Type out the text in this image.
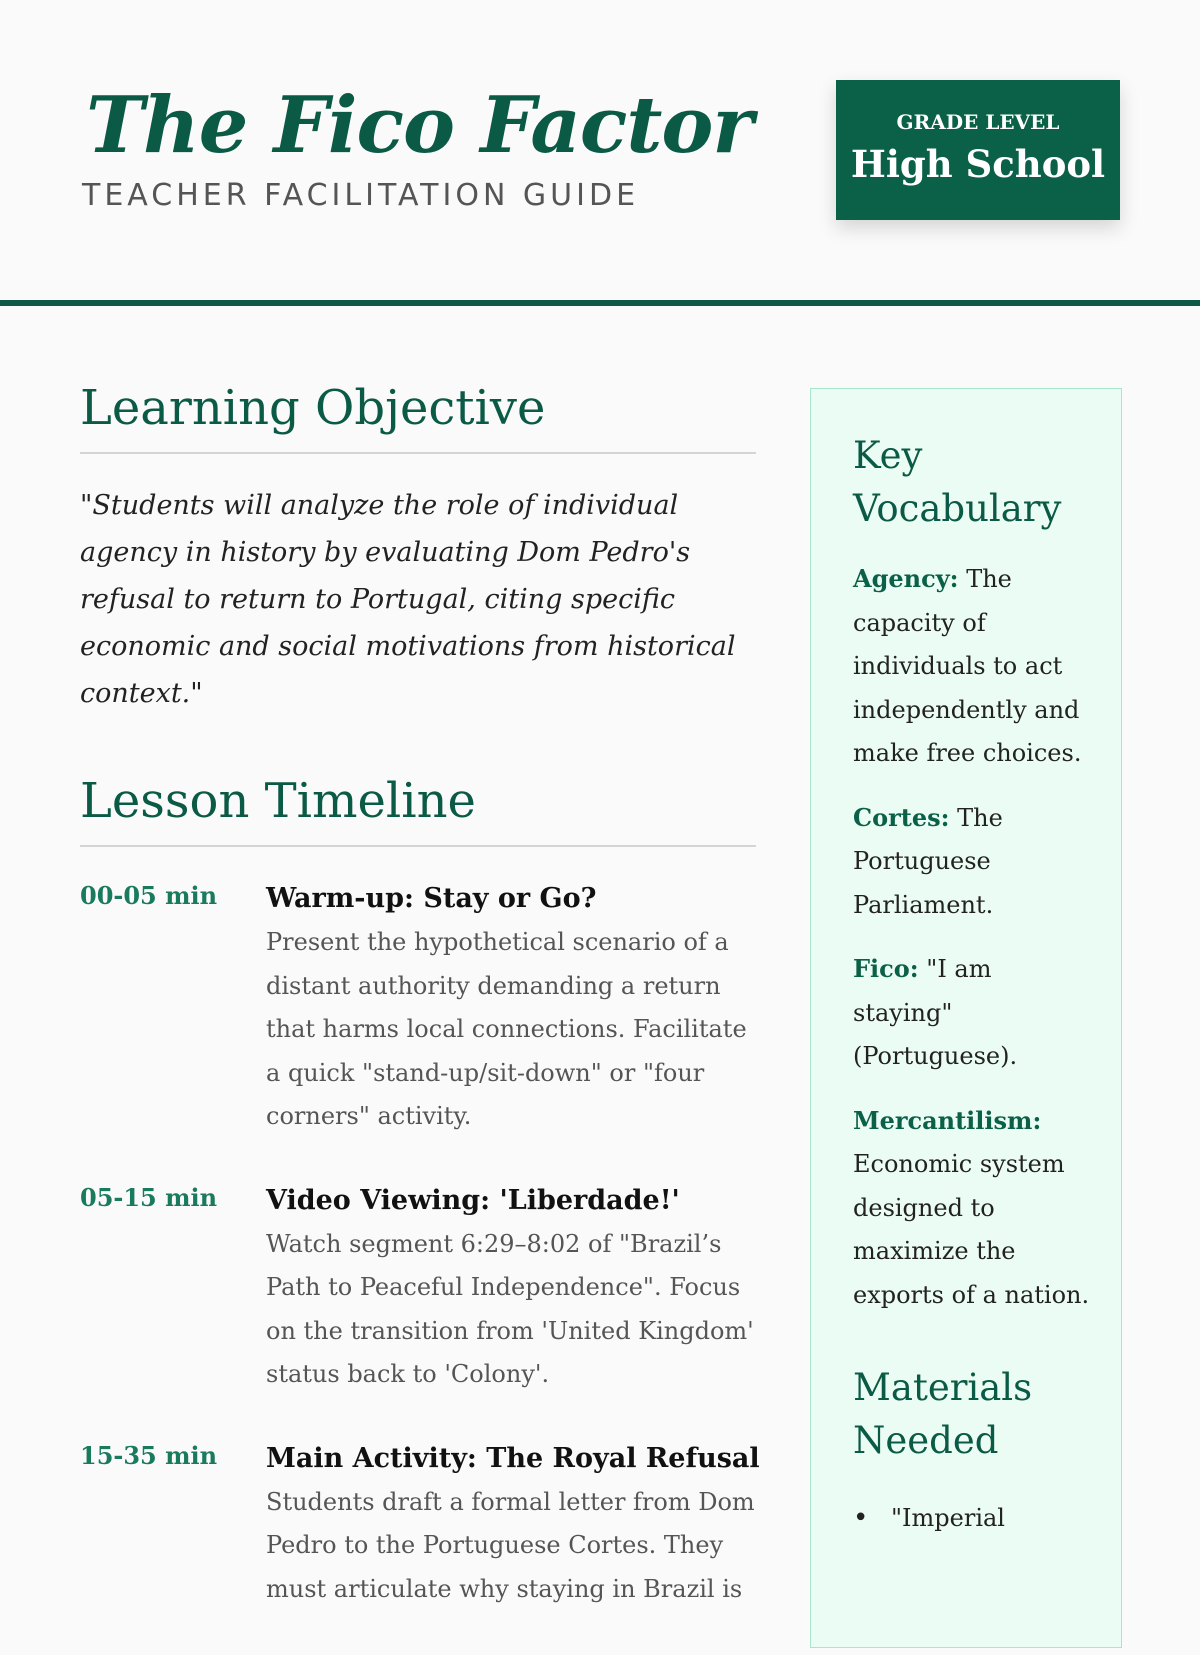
The Fico Factor
TEACHER FACILITATION GUIDE
GRADE LEVEL
High School
Learning Objective

"Students will analyze the role of individual agency in history by evaluating Dom Pedro's refusal to return to Portugal, citing specific economic and social motivations from historical context."

Lesson Timeline
00-05 min Warm-up: Stay or Go?
Present the hypothetical scenario of a distant authority demanding a return that harms local connections. Facilitate a quick "stand-up/sit-down" or "four corners" activity.
05-15 min Video Viewing: 'Liberdade!'
Watch segment 6:29–8:02 of "Brazil’s Path to Peaceful Independence". Focus on the transition from 'United Kingdom' status back to 'Colony'.
15-35 min Main Activity: The Royal Refusal
Students draft a formal letter from Dom Pedro to the Portuguese Cortes. They must articulate why staying in Brazil is
Key Vocabulary

Agency: The capacity of individuals to act independently and make free choices.

Cortes: The Portuguese Parliament.

Fico: "I am staying" (Portuguese).

Mercantilism: Economic system designed to maximize the exports of a nation.

Materials Needed
• "Imperial
